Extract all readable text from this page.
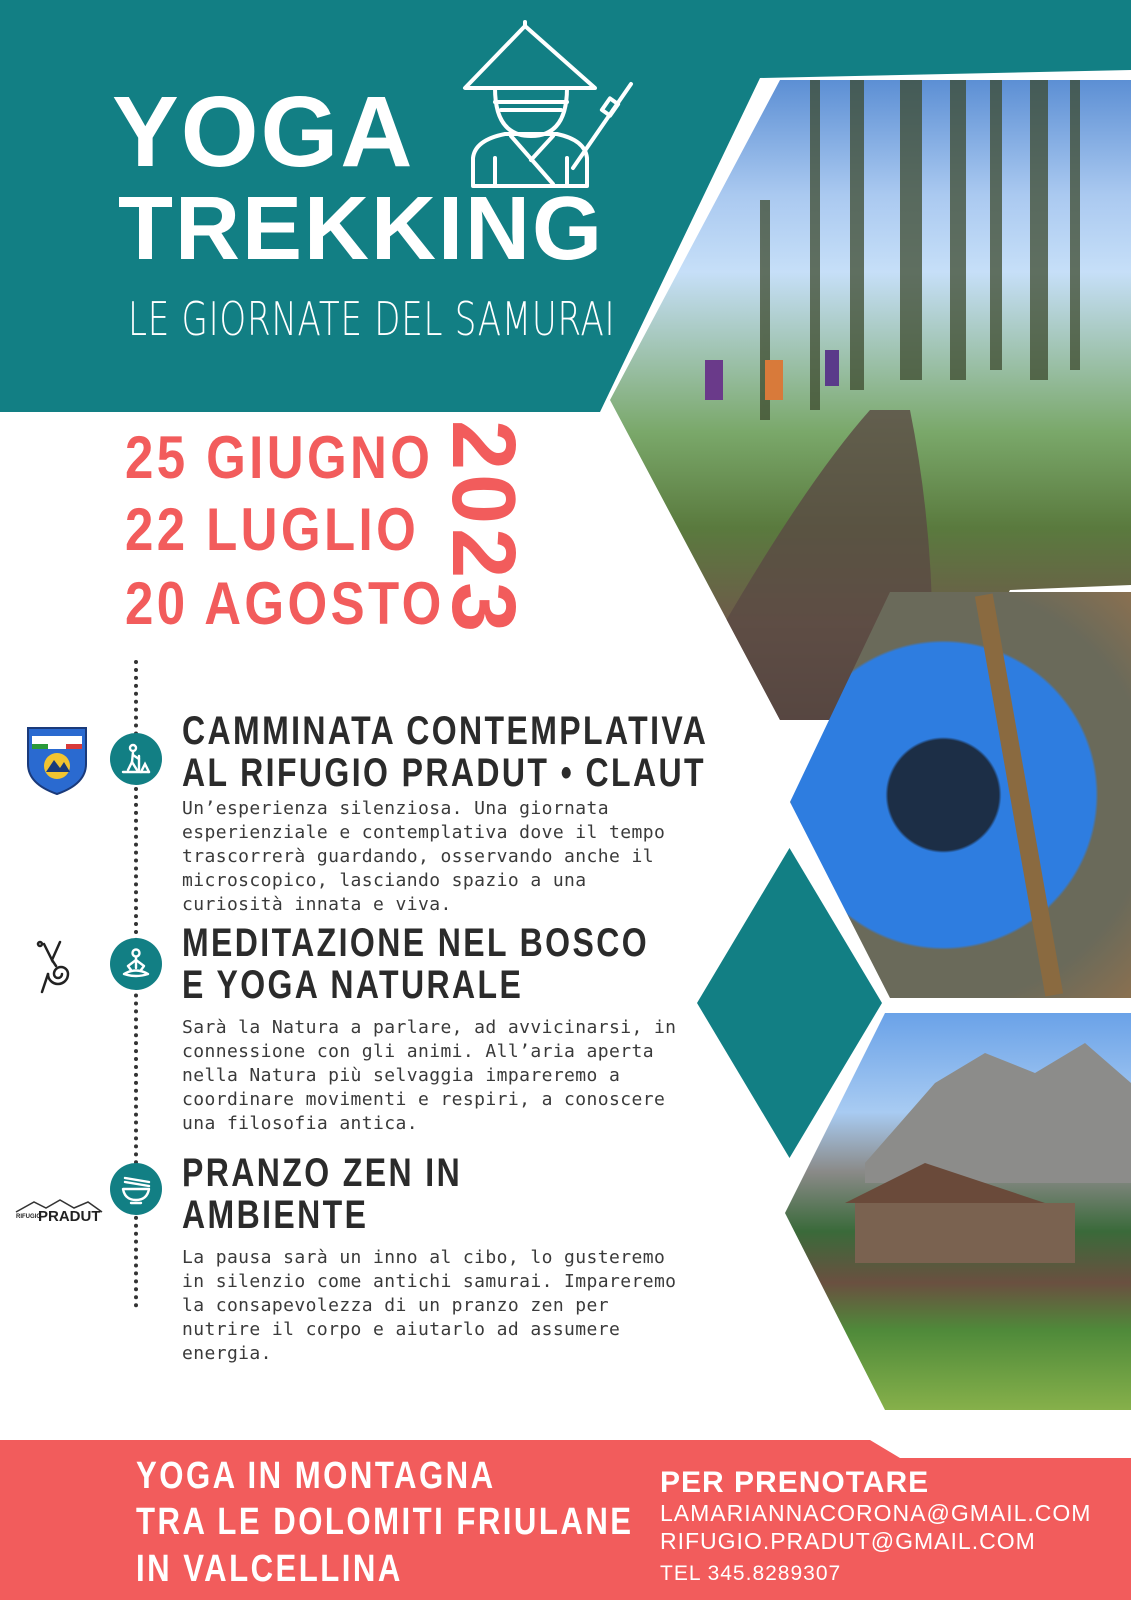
YOGA
TREKKING
LE GIORNATE DEL SAMURAI
25 GIUGNO
22 LUGLIO
20 AGOSTO
2023
CAMMINATA CONTEMPLATIVA
AL RIFUGIO PRADUT • CLAUT
Un’esperienza silenziosa. Una giornata esperienziale e contemplativa dove il tempo trascorrerà guardando, osservando anche il microscopico, lasciando spazio a una curiosità innata e viva.
MEDITAZIONE NEL BOSCO
E YOGA NATURALE
Sarà la Natura a parlare, ad avvicinarsi, in connessione con gli animi. All’aria aperta nella Natura più selvaggia impareremo a coordinare movimenti e respiri, a conoscere una filosofia antica.
RIFUGIO
PRADUT
PRANZO ZEN IN
AMBIENTE
La pausa sarà un inno al cibo, lo gusteremo in silenzio come antichi samurai. Impareremo la consapevolezza di un pranzo zen per nutrire il corpo e aiutarlo ad assumere energia.
YOGA IN MONTAGNA
TRA LE DOLOMITI FRIULANE
IN VALCELLINA
PER PRENOTARE
LAMARIANNACORONA@GMAIL.COM
RIFUGIO.PRADUT@GMAIL.COM
TEL 345.8289307
